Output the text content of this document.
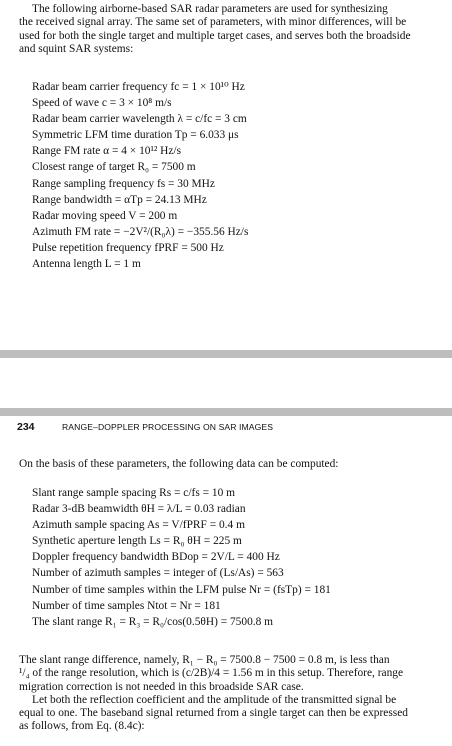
The following airborne-based SAR radar parameters are used for synthesizing
the received signal array. The same set of parameters, with minor differences, will be
used for both the single target and multiple target cases, and serves both the broadside
and squint SAR systems:
Radar beam carrier frequency fc = 1 × 10¹⁰ Hz
Speed of wave c = 3 × 10⁸ m/s
Radar beam carrier wavelength λ = c/fc = 3 cm
Symmetric LFM time duration Tp = 6.033 μs
Range FM rate α = 4 × 10¹² Hz/s
Closest range of target R₀ = 7500 m
Range sampling frequency fs = 30 MHz
Range bandwidth = αTp = 24.13 MHz
Radar moving speed V = 200 m
Azimuth FM rate = −2V²/(R₀λ) = −355.56 Hz/s
Pulse repetition frequency fPRF = 500 Hz
Antenna length L = 1 m
234	RANGE–DOPPLER PROCESSING ON SAR IMAGES
On the basis of these parameters, the following data can be computed:
Slant range sample spacing Rs = c/fs = 10 m
Radar 3-dB beamwidth θH = λ/L = 0.03 radian
Azimuth sample spacing As = V/fPRF = 0.4 m
Synthetic aperture length Ls = R₀ θH = 225 m
Doppler frequency bandwidth BDop = 2V/L = 400 Hz
Number of azimuth samples = integer of (Ls/As) = 563
Number of time samples within the LFM pulse Nr = (fsTp) = 181
Number of time samples Ntot = Nr = 181
The slant range R₁ = R₃ = R₀/cos(0.5θH) = 7500.8 m
The slant range difference, namely, R₁ − R₀ = 7500.8 − 7500 = 0.8 m, is less than
¹/₄ of the range resolution, which is (c/2B)/4 = 1.56 m in this setup. Therefore, range
migration correction is not needed in this broadside SAR case.
Let both the reflection coefficient and the amplitude of the transmitted signal be
equal to one. The baseband signal returned from a single target can then be expressed
as follows, from Eq. (8.4c):
